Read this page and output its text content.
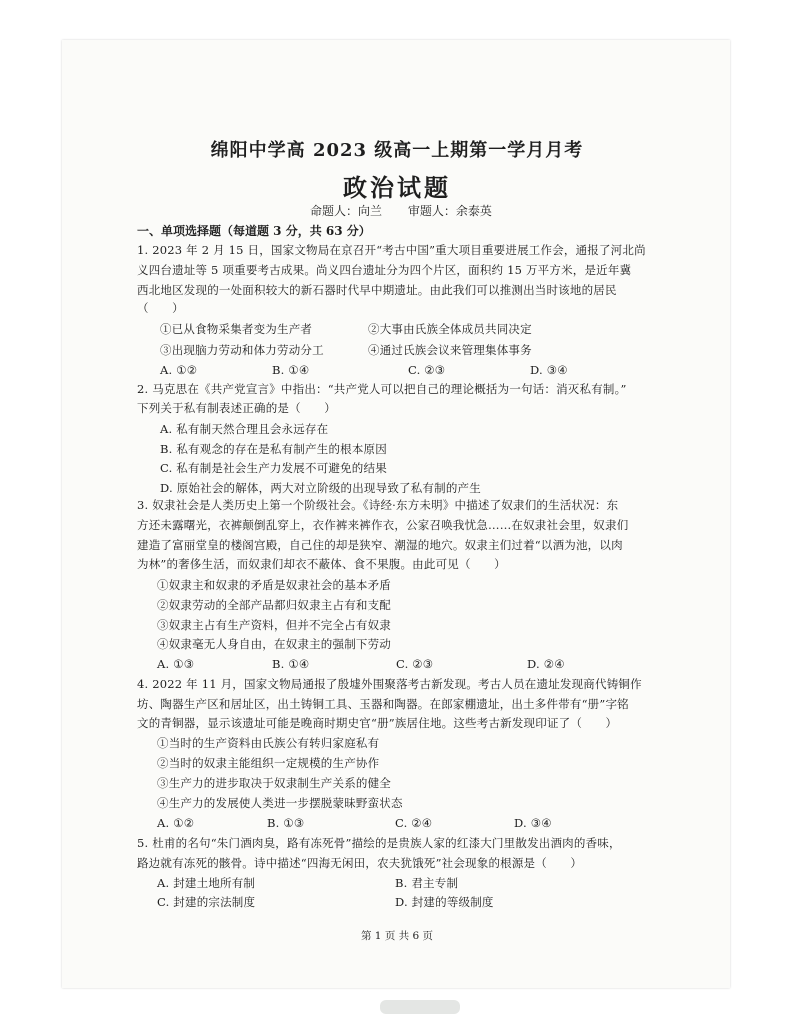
绵阳中学高 2023 级高一上期第一学月月考
政治试题
命题人：向兰 审题人：余泰英
一、单项选择题（每道题 3 分，共 63 分）
1. 2023 年 2 月 15 日，国家文物局在京召开“考古中国”重大项目重要进展工作会，通报了河北尚
义四台遗址等 5 项重要考古成果。尚义四台遗址分为四个片区，面积约 15 万平方米，是近年冀
西北地区发现的一处面积较大的新石器时代早中期遗址。由此我们可以推测出当时该地的居民
（　　）
①已从食物采集者变为生产者	②大事由氏族全体成员共同决定
③出现脑力劳动和体力劳动分工	④通过氏族会议来管理集体事务
A. ①②	B. ①④	C. ②③	D. ③④
2. 马克思在《共产党宣言》中指出：“共产党人可以把自己的理论概括为一句话：消灭私有制。”
下列关于私有制表述正确的是（　　）
A. 私有制天然合理且会永远存在
B. 私有观念的存在是私有制产生的根本原因
C. 私有制是社会生产力发展不可避免的结果
D. 原始社会的解体，两大对立阶级的出现导致了私有制的产生
3. 奴隶社会是人类历史上第一个阶级社会。《诗经·东方未明》中描述了奴隶们的生活状况：东
方还未露曙光，衣裤颠倒乱穿上，衣作裤来裤作衣，公家召唤我忧急……在奴隶社会里，奴隶们
建造了富丽堂皇的楼阁宫殿，自己住的却是狭窄、潮湿的地穴。奴隶主们过着“以酒为池，以肉
为林”的奢侈生活，而奴隶们却衣不蔽体、食不果腹。由此可见（　　）
①奴隶主和奴隶的矛盾是奴隶社会的基本矛盾
②奴隶劳动的全部产品都归奴隶主占有和支配
③奴隶主占有生产资料，但并不完全占有奴隶
④奴隶毫无人身自由，在奴隶主的强制下劳动
A. ①③	B. ①④	C. ②③	D. ②④
4. 2022 年 11 月，国家文物局通报了殷墟外围聚落考古新发现。考古人员在遗址发现商代铸铜作
坊、陶器生产区和居址区，出土铸铜工具、玉器和陶器。在郎家棚遗址，出土多件带有“册”字铭
文的青铜器，显示该遗址可能是晚商时期史官“册”族居住地。这些考古新发现印证了（　　）
①当时的生产资料由氏族公有转归家庭私有
②当时的奴隶主能组织一定规模的生产协作
③生产力的进步取决于奴隶制生产关系的健全
④生产力的发展使人类进一步摆脱蒙昧野蛮状态
A. ①②	B. ①③	C. ②④	D. ③④
5. 杜甫的名句“朱门酒肉臭，路有冻死骨”描绘的是贵族人家的红漆大门里散发出酒肉的香味，
路边就有冻死的骸骨。诗中描述“四海无闲田，农夫犹饿死”社会现象的根源是（　　）
A. 封建土地所有制	B. 君主专制
C. 封建的宗法制度	D. 封建的等级制度
第 1 页 共 6 页
